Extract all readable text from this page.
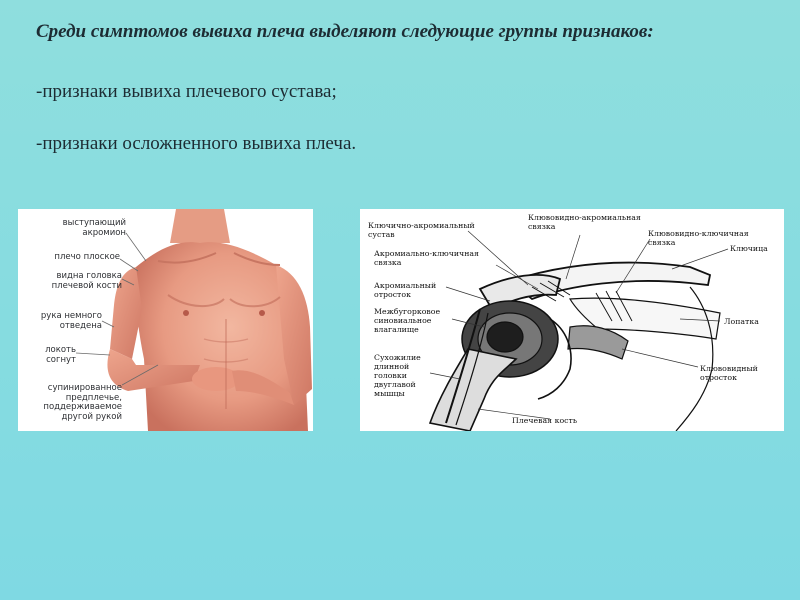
Среди симптомов вывиха плеча выделяют следующие группы признаков:
-признаки вывиха плечевого сустава;
-признаки осложненного вывиха плеча.
выступающий
акромион
плечо плоское
видна головка
плечевой кости
рука немного
отведена
локоть
согнут
супинированное
предплечье,
поддерживаемое
другой рукой
Ключично-акромиальный
сустав
Клювовидно-акромиальная
связка
Клювовидно-ключичная
связка
Ключица
Акромиально-ключичная
связка
Акромиальный
отросток
Межбугорковое
синовиальное
влагалище
Лопатка
Сухожилие
длинной
головки
двуглавой
мышцы
Клювовидный
отросток
Плечевая кость
